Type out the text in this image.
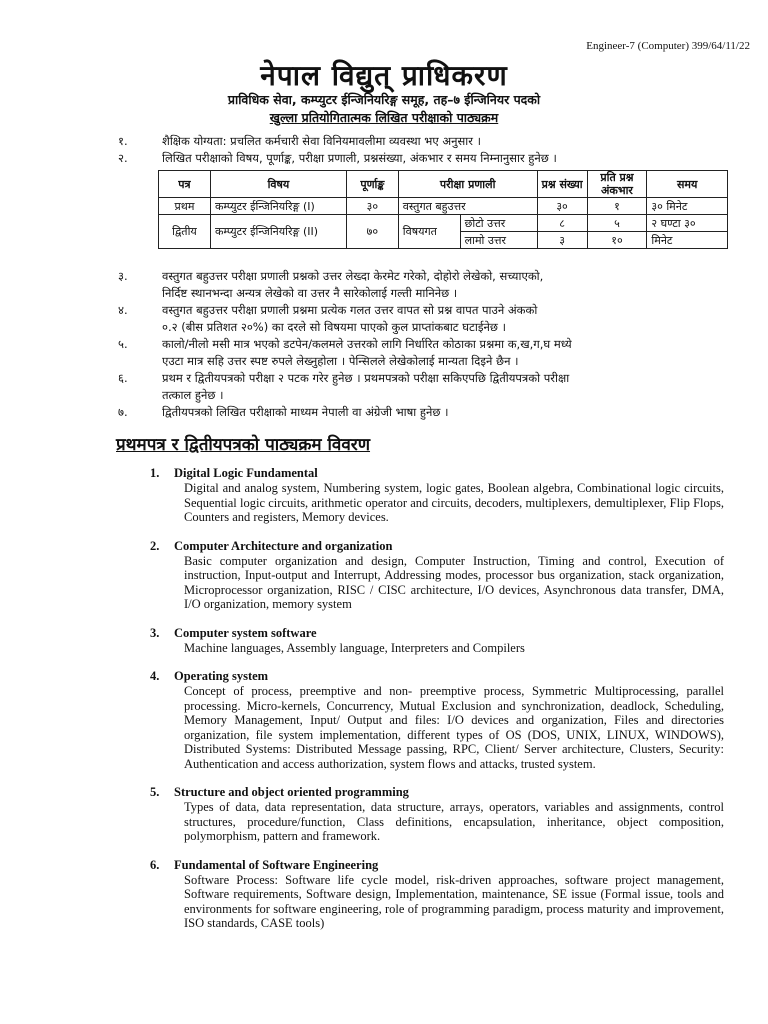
Engineer-7 (Computer) 399/64/11/22
नेपाल विद्युत् प्राधिकरण
प्राविधिक सेवा, कम्प्युटर ईन्जिनियरिङ्ग समूह, तह–७ ईन्जिनियर पदको
खुल्ला प्रतियोगितात्मक लिखित परीक्षाको पाठ्यक्रम
१.	शैक्षिक योग्यता: प्रचलित कर्मचारी सेवा विनियमावलीमा व्यवस्था भए अनुसार ।
२.	लिखित परीक्षाको विषय, पूर्णाङ्क, परीक्षा प्रणाली, प्रश्नसंख्या, अंकभार र समय निम्नानुसार हुनेछ ।
पत्र	विषय	पूर्णाङ्क	परीक्षा प्रणाली		प्रश्न संख्या	प्रति प्रश्न अंकभार	समय
प्रथम	कम्प्युटर ईन्जिनियरिङ्ग (I)	३०	वस्तुगत बहुउत्तर		३०	१	३० मिनेट
द्वितीय	कम्प्युटर ईन्जिनियरिङ्ग (II)	७०	विषयगत	छोटो उत्तर	८	५	२ घण्टा ३०
				लामो उत्तर	३	१०	मिनेट
३.	वस्तुगत बहुउत्तर परीक्षा प्रणाली प्रश्नको उत्तर लेख्दा केरमेट गरेको, दोहोरो लेखेको, सच्याएको,
निर्दिष्ट स्थानभन्दा अन्यत्र लेखेको वा उत्तर नै सारेकोलाई गल्ती मानिनेछ ।
४.	वस्तुगत बहुउत्तर परीक्षा प्रणाली प्रश्नमा प्रत्येक गलत उत्तर वापत सो प्रश्न वापत पाउने अंकको
०.२ (बीस प्रतिशत २०%) का दरले सो विषयमा पाएको कुल प्राप्तांकबाट घटाईनेछ ।
५.	कालो/नीलो मसी मात्र भएको डटपेन/कलमले उत्तरको लागि निर्धारित कोठाका प्रश्नमा क,ख,ग,घ मध्ये
एउटा मात्र सहि उत्तर स्पष्ट रुपले लेख्नुहोला । पेन्सिलले लेखेकोलाई मान्यता दिइने छैन ।
६.	प्रथम र द्वितीयपत्रको परीक्षा २ पटक गरेर हुनेछ । प्रथमपत्रको परीक्षा सकिएपछि द्वितीयपत्रको परीक्षा
तत्काल हुनेछ ।
७.	द्वितीयपत्रको लिखित परीक्षाको माध्यम नेपाली वा अंग्रेजी भाषा हुनेछ ।
प्रथमपत्र र द्वितीयपत्रको पाठ्यक्रम विवरण
1.	Digital Logic Fundamental
Digital and analog system, Numbering system, logic gates, Boolean algebra, Combinational logic circuits, Sequential logic circuits, arithmetic operator and circuits, decoders, multiplexers, demultiplexer, Flip Flops, Counters and registers, Memory devices.
2.	Computer Architecture and organization
Basic computer organization and design, Computer Instruction, Timing and control, Execution of instruction, Input-output and Interrupt, Addressing modes, processor bus organization, stack organization, Microprocessor organization, RISC / CISC architecture, I/O devices, Asynchronous data transfer, DMA, I/O organization, memory system
3.	Computer system software
Machine languages, Assembly language, Interpreters and Compilers
4.	Operating system
Concept of process, preemptive and non- preemptive process, Symmetric Multiprocessing, parallel processing. Micro-kernels, Concurrency, Mutual Exclusion and synchronization, deadlock, Scheduling, Memory Management, Input/ Output and files: I/O devices and organization, Files and directories organization, file system implementation, different types of OS (DOS, UNIX, LINUX, WINDOWS), Distributed Systems: Distributed Message passing, RPC, Client/ Server architecture, Clusters, Security: Authentication and access authorization, system flows and attacks, trusted system.
5.	Structure and object oriented programming
Types of data, data representation, data structure, arrays, operators, variables and assignments, control structures, procedure/function, Class definitions, encapsulation, inheritance, object composition, polymorphism, pattern and framework.
6.	Fundamental of Software Engineering
Software Process: Software life cycle model, risk-driven approaches, software project management, Software requirements, Software design, Implementation, maintenance, SE issue (Formal issue, tools and environments for software engineering, role of programming paradigm, process maturity and improvement, ISO standards, CASE tools)
